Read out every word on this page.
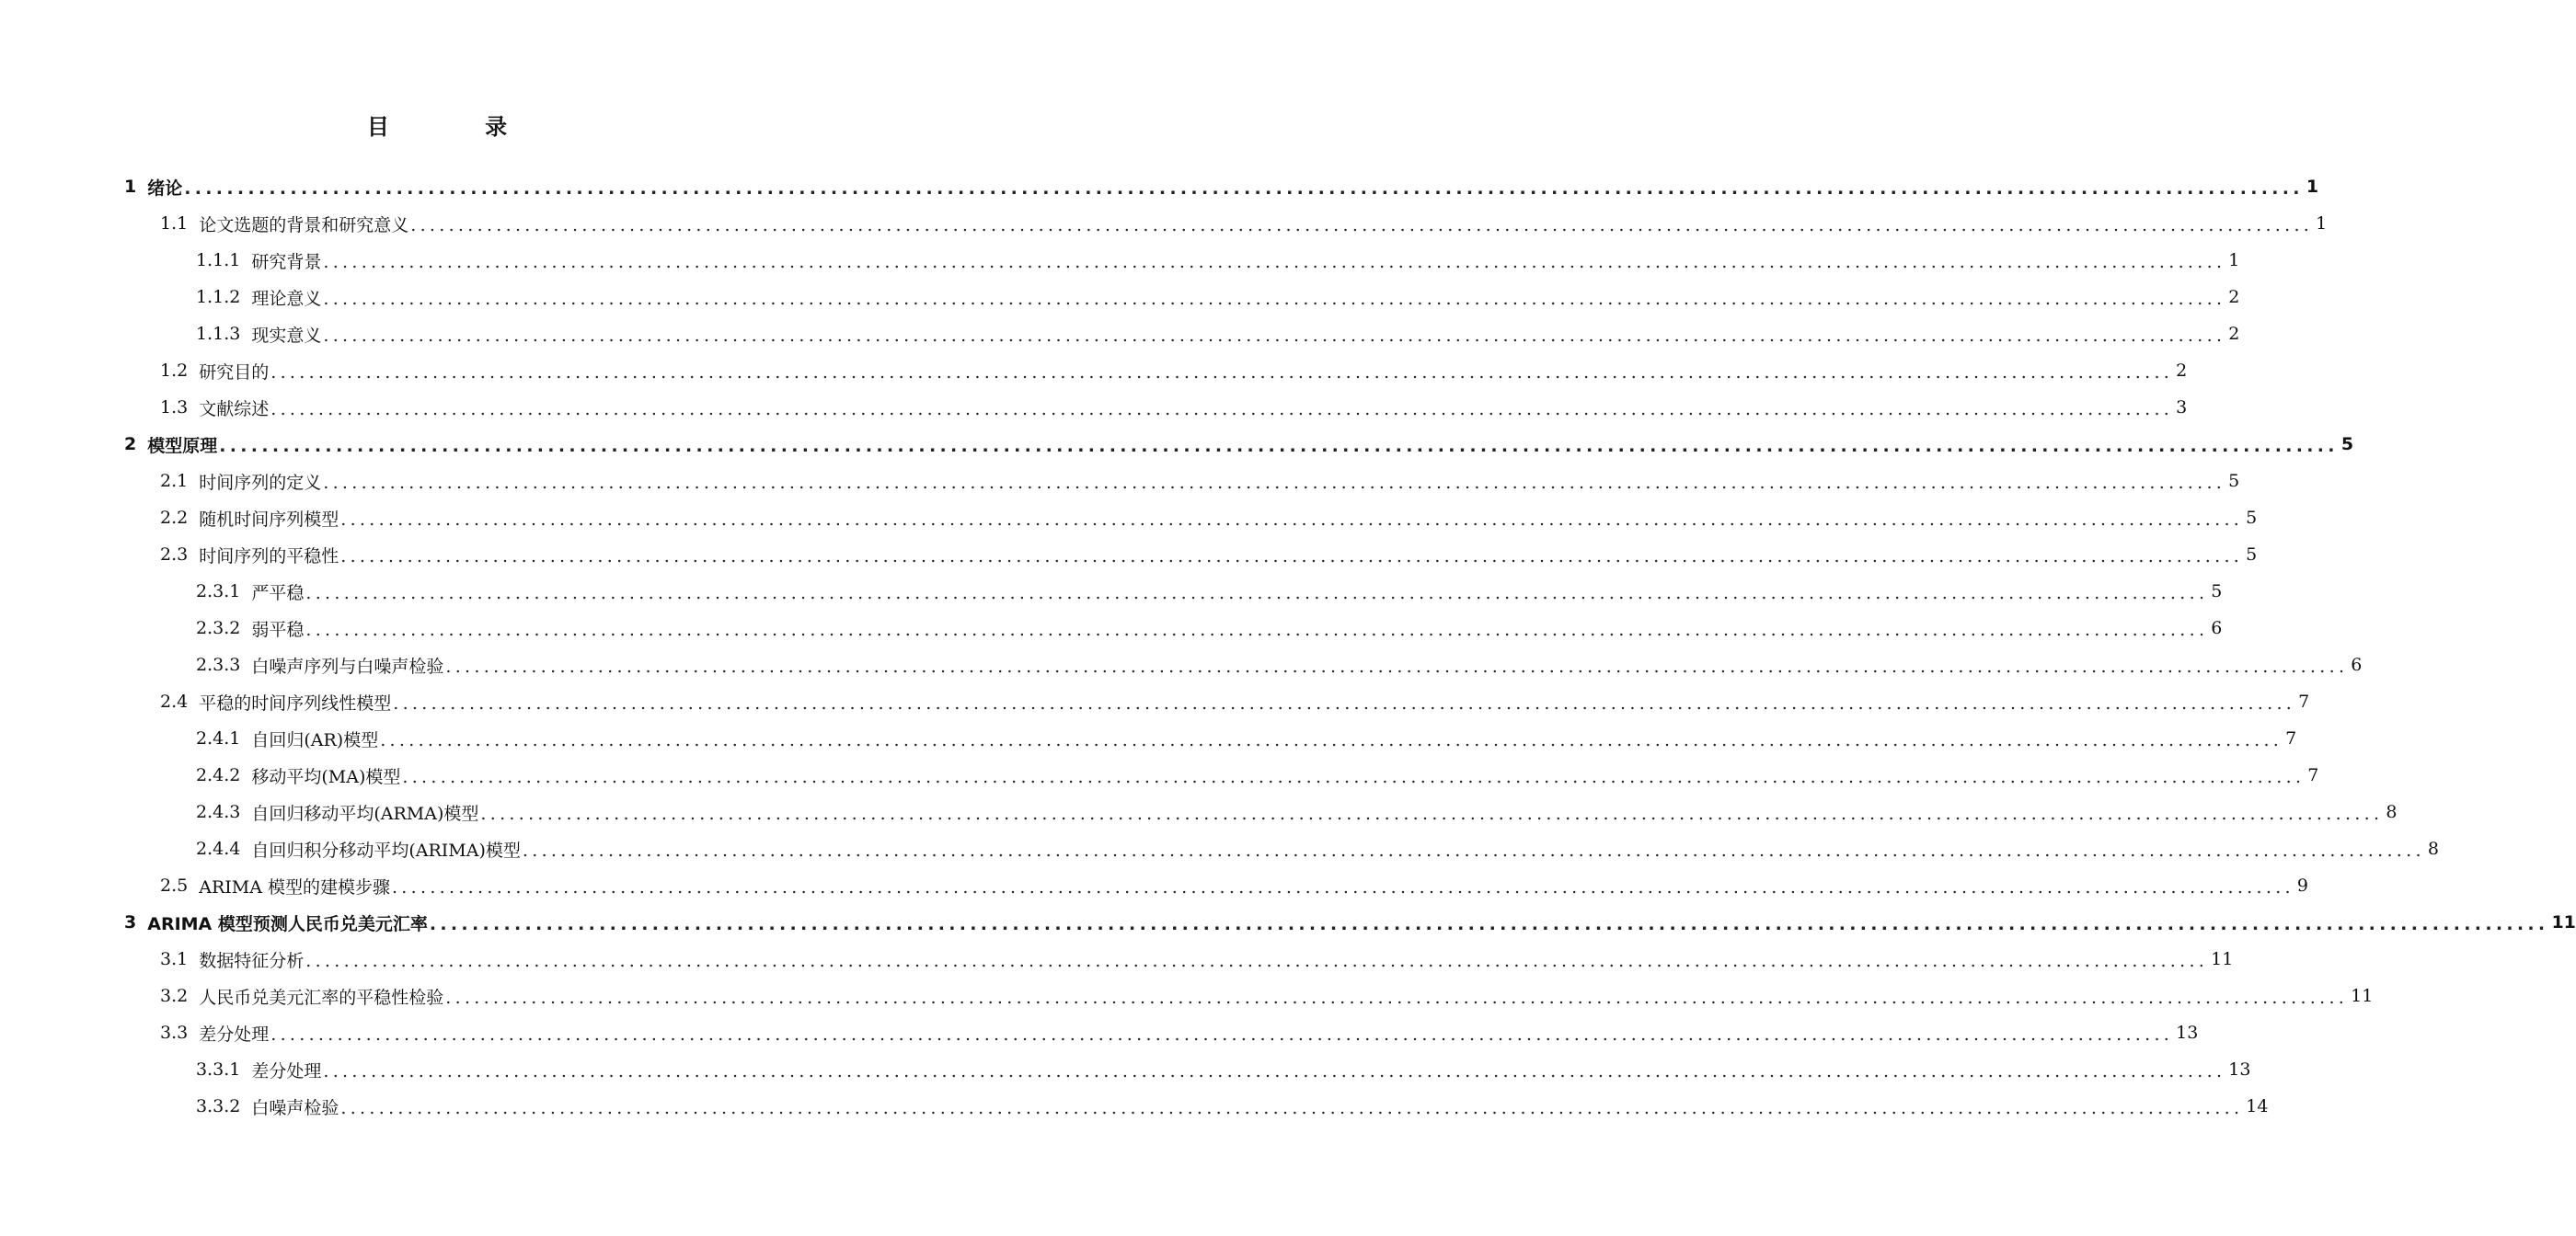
目 录
1 绪论 ........................................................................................................................................................................................................ 1
1.1 论文选题的背景和研究意义 ........................................................................................................................................................................................................ 1
1.1.1 研究背景 ........................................................................................................................................................................................................ 1
1.1.2 理论意义 ........................................................................................................................................................................................................ 2
1.1.3 现实意义 ........................................................................................................................................................................................................ 2
1.2 研究目的 ........................................................................................................................................................................................................ 2
1.3 文献综述 ........................................................................................................................................................................................................ 3
2 模型原理 ........................................................................................................................................................................................................ 5
2.1 时间序列的定义 ........................................................................................................................................................................................................ 5
2.2 随机时间序列模型 ........................................................................................................................................................................................................ 5
2.3 时间序列的平稳性 ........................................................................................................................................................................................................ 5
2.3.1 严平稳 ........................................................................................................................................................................................................ 5
2.3.2 弱平稳 ........................................................................................................................................................................................................ 6
2.3.3 白噪声序列与白噪声检验 ........................................................................................................................................................................................................ 6
2.4 平稳的时间序列线性模型 ........................................................................................................................................................................................................ 7
2.4.1 自回归(AR)模型 ........................................................................................................................................................................................................ 7
2.4.2 移动平均(MA)模型 ........................................................................................................................................................................................................ 7
2.4.3 自回归移动平均(ARMA)模型 ........................................................................................................................................................................................................ 8
2.4.4 自回归积分移动平均(ARIMA)模型 ........................................................................................................................................................................................................ 8
2.5 ARIMA 模型的建模步骤 ........................................................................................................................................................................................................ 9
3 ARIMA 模型预测人民币兑美元汇率 ........................................................................................................................................................................................................ 11
3.1 数据特征分析 ........................................................................................................................................................................................................ 11
3.2 人民币兑美元汇率的平稳性检验 ........................................................................................................................................................................................................ 11
3.3 差分处理 ........................................................................................................................................................................................................ 13
3.3.1 差分处理 ........................................................................................................................................................................................................ 13
3.3.2 白噪声检验 ........................................................................................................................................................................................................ 14
